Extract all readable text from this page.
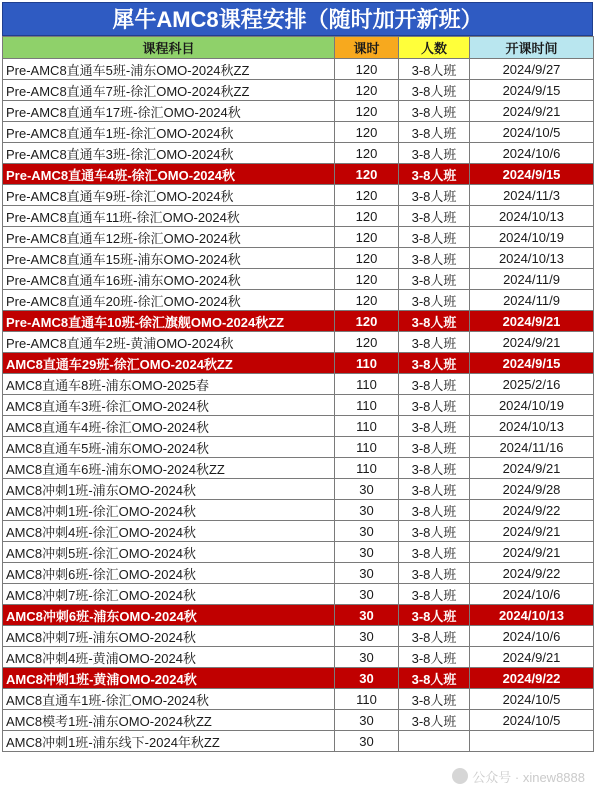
犀牛AMC8课程安排（随时加开新班）
课程科目	课时	人数	开课时间
Pre-AMC8直通车5班-浦东OMO-2024秋ZZ	120	3-8人班	2024/9/27
Pre-AMC8直通车7班-徐汇OMO-2024秋ZZ	120	3-8人班	2024/9/15
Pre-AMC8直通车17班-徐汇OMO-2024秋	120	3-8人班	2024/9/21
Pre-AMC8直通车1班-徐汇OMO-2024秋	120	3-8人班	2024/10/5
Pre-AMC8直通车3班-徐汇OMO-2024秋	120	3-8人班	2024/10/6
Pre-AMC8直通车4班-徐汇OMO-2024秋	120	3-8人班	2024/9/15
Pre-AMC8直通车9班-徐汇OMO-2024秋	120	3-8人班	2024/11/3
Pre-AMC8直通车11班-徐汇OMO-2024秋	120	3-8人班	2024/10/13
Pre-AMC8直通车12班-徐汇OMO-2024秋	120	3-8人班	2024/10/19
Pre-AMC8直通车15班-浦东OMO-2024秋	120	3-8人班	2024/10/13
Pre-AMC8直通车16班-浦东OMO-2024秋	120	3-8人班	2024/11/9
Pre-AMC8直通车20班-徐汇OMO-2024秋	120	3-8人班	2024/11/9
Pre-AMC8直通车10班-徐汇旗舰OMO-2024秋ZZ	120	3-8人班	2024/9/21
Pre-AMC8直通车2班-黄浦OMO-2024秋	120	3-8人班	2024/9/21
AMC8直通车29班-徐汇OMO-2024秋ZZ	110	3-8人班	2024/9/15
AMC8直通车8班-浦东OMO-2025春	110	3-8人班	2025/2/16
AMC8直通车3班-徐汇OMO-2024秋	110	3-8人班	2024/10/19
AMC8直通车4班-徐汇OMO-2024秋	110	3-8人班	2024/10/13
AMC8直通车5班-浦东OMO-2024秋	110	3-8人班	2024/11/16
AMC8直通车6班-浦东OMO-2024秋ZZ	110	3-8人班	2024/9/21
AMC8冲刺1班-浦东OMO-2024秋	30	3-8人班	2024/9/28
AMC8冲刺1班-徐汇OMO-2024秋	30	3-8人班	2024/9/22
AMC8冲刺4班-徐汇OMO-2024秋	30	3-8人班	2024/9/21
AMC8冲刺5班-徐汇OMO-2024秋	30	3-8人班	2024/9/21
AMC8冲刺6班-徐汇OMO-2024秋	30	3-8人班	2024/9/22
AMC8冲刺7班-徐汇OMO-2024秋	30	3-8人班	2024/10/6
AMC8冲刺6班-浦东OMO-2024秋	30	3-8人班	2024/10/13
AMC8冲刺7班-浦东OMO-2024秋	30	3-8人班	2024/10/6
AMC8冲刺4班-黄浦OMO-2024秋	30	3-8人班	2024/9/21
AMC8冲刺1班-黄浦OMO-2024秋	30	3-8人班	2024/9/22
AMC8直通车1班-徐汇OMO-2024秋	110	3-8人班	2024/10/5
AMC8模考1班-浦东OMO-2024秋ZZ	30	3-8人班	2024/10/5
AMC8冲刺1班-浦东线下-2024年秋ZZ	30		
公众号 · xinew8888
